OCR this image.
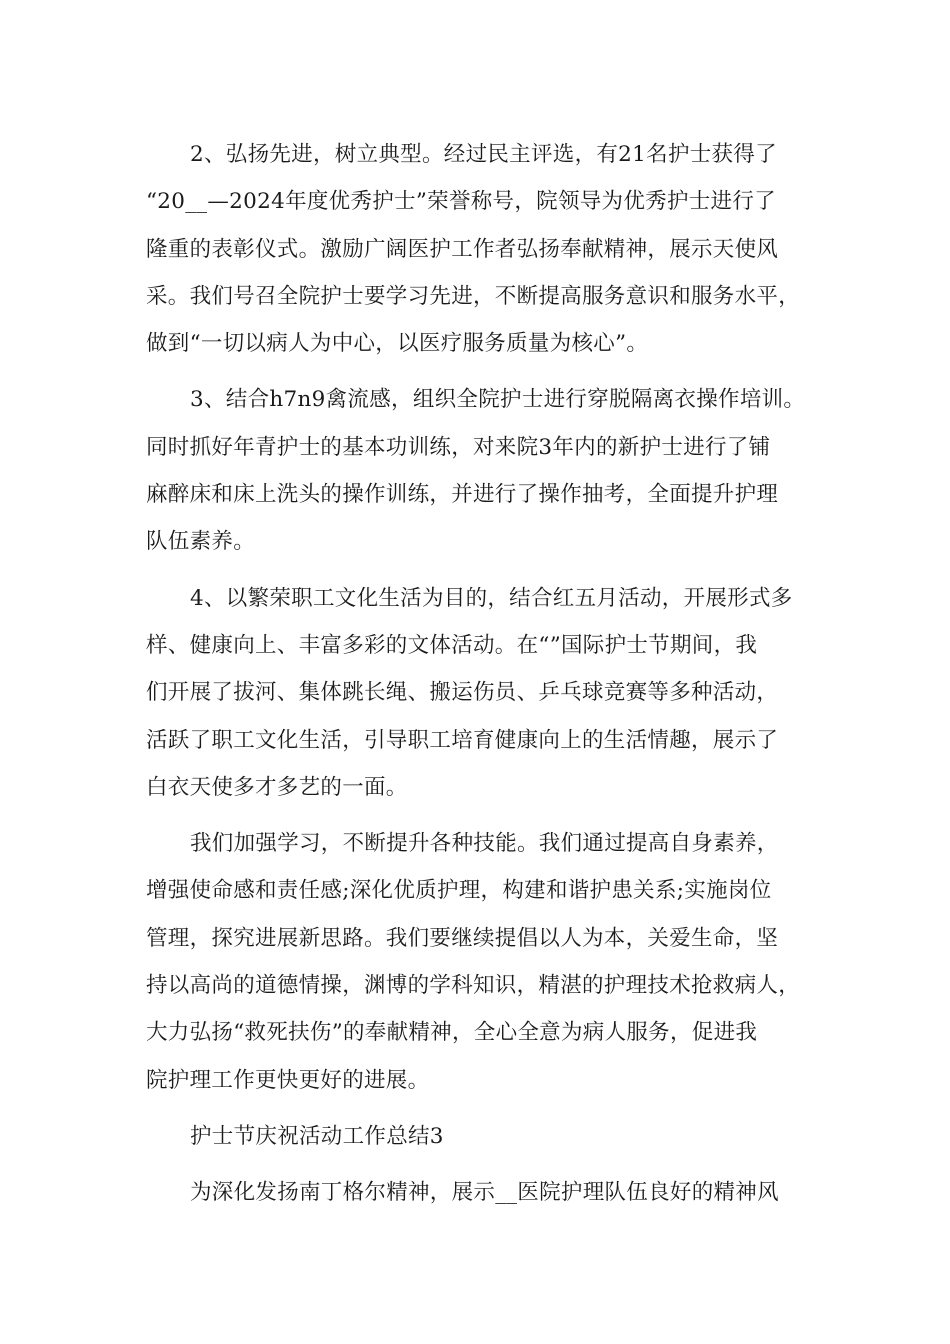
2、弘扬先进，树立典型。经过民主评选，有21名护士获得了
“20__—2024年度优秀护士”荣誉称号，院领导为优秀护士进行了
隆重的表彰仪式。激励广阔医护工作者弘扬奉献精神，展示天使风
采。我们号召全院护士要学习先进，不断提高服务意识和服务水平，
做到“一切以病人为中心，以医疗服务质量为核心”。

3、结合h7n9禽流感，组织全院护士进行穿脱隔离衣操作培训。
同时抓好年青护士的基本功训练，对来院3年内的新护士进行了铺
麻醉床和床上洗头的操作训练，并进行了操作抽考，全面提升护理
队伍素养。

4、以繁荣职工文化生活为目的，结合红五月活动，开展形式多
样、健康向上、丰富多彩的文体活动。在“”国际护士节期间，我
们开展了拔河、集体跳长绳、搬运伤员、乒乓球竞赛等多种活动，
活跃了职工文化生活，引导职工培育健康向上的生活情趣，展示了
白衣天使多才多艺的一面。

我们加强学习，不断提升各种技能。我们通过提高自身素养，
增强使命感和责任感;深化优质护理，构建和谐护患关系;实施岗位
管理，探究进展新思路。我们要继续提倡以人为本，关爱生命，坚
持以高尚的道德情操，渊博的学科知识，精湛的护理技术抢救病人，
大力弘扬“救死扶伤”的奉献精神，全心全意为病人服务，促进我
院护理工作更快更好的进展。

护士节庆祝活动工作总结3

为深化发扬南丁格尔精神，展示__医院护理队伍良好的精神风
